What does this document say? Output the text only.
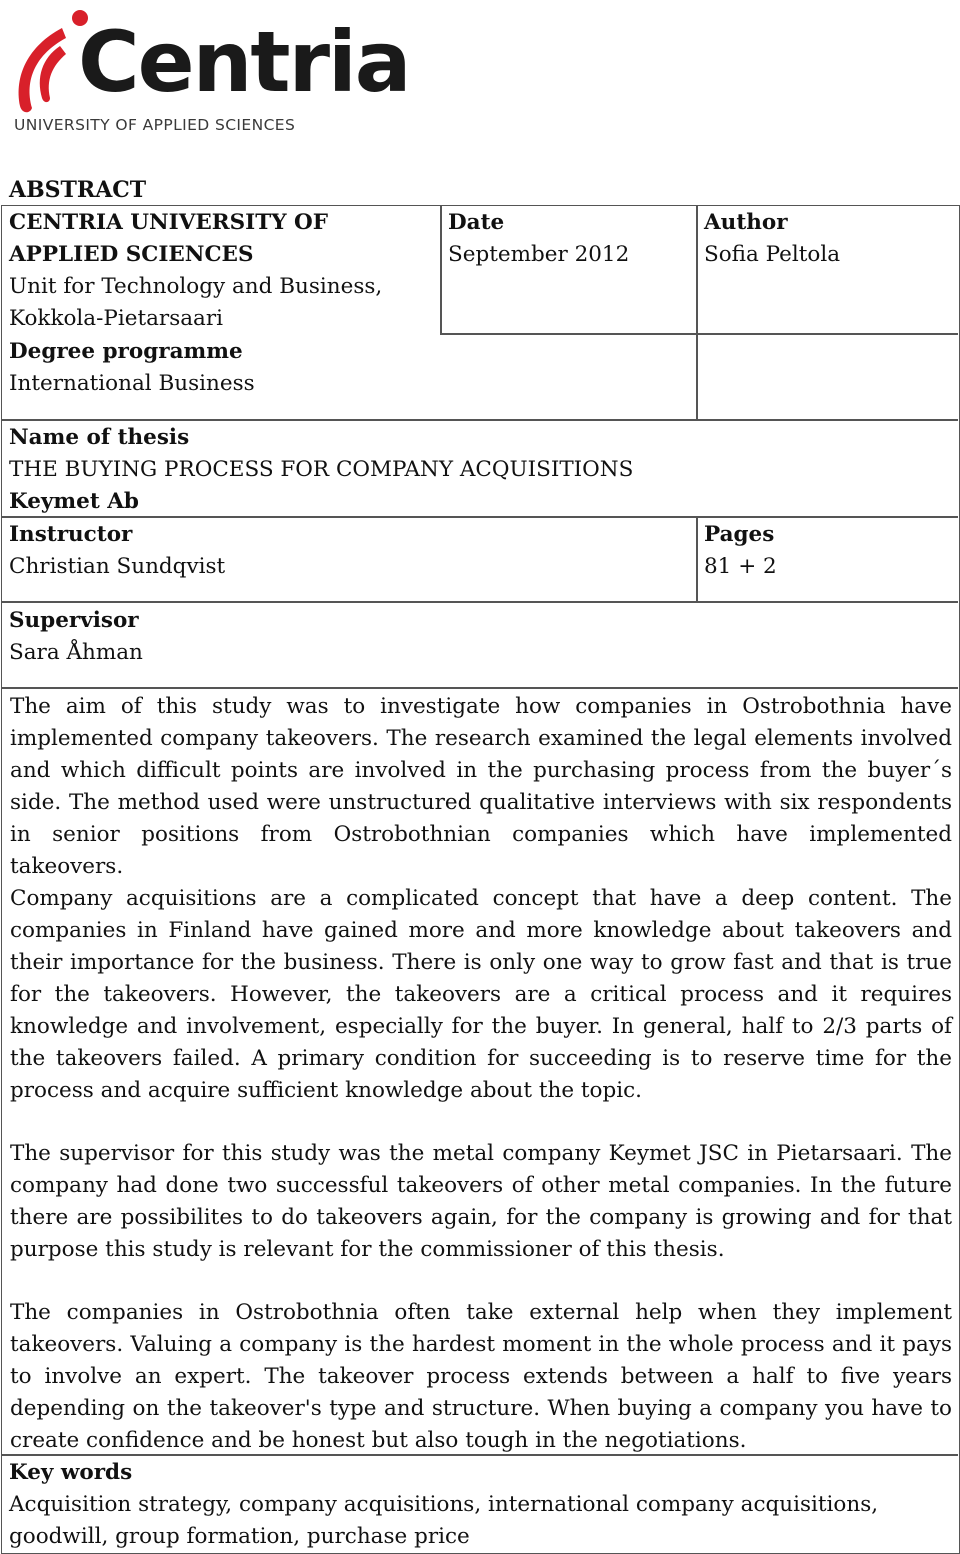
Centria
UNIVERSITY OF APPLIED SCIENCES
ABSTRACT
CENTRIA UNIVERSITY OF APPLIED SCIENCES
Unit for Technology and Business, Kokkola-Pietarsaari
Date
September 2012
Author
Sofia Peltola
Degree programme
International Business
Name of thesis
THE BUYING PROCESS FOR COMPANY ACQUISITIONS
Keymet Ab
Instructor
Christian Sundqvist
Pages
81 + 2
Supervisor
Sara Åhman
The aim of this study was to investigate how companies in Ostrobothnia have implemented company takeovers. The research examined the legal elements involved and which difficult points are involved in the purchasing process from the buyer´s side. The method used were unstructured qualitative interviews with six respondents in senior positions from Ostrobothnian companies which have implemented takeovers.
Company acquisitions are a complicated concept that have a deep content. The companies in Finland have gained more and more knowledge about takeovers and their importance for the business. There is only one way to grow fast and that is true for the takeovers. However, the takeovers are a critical process and it requires knowledge and involvement, especially for the buyer. In general, half to 2/3 parts of the takeovers failed. A primary condition for succeeding is to reserve time for the process and acquire sufficient knowledge about the topic.
The supervisor for this study was the metal company Keymet JSC in Pietarsaari. The company had done two successful takeovers of other metal companies. In the future there are possibilites to do takeovers again, for the company is growing and for that purpose this study is relevant for the commissioner of this thesis.
The companies in Ostrobothnia often take external help when they implement takeovers. Valuing a company is the hardest moment in the whole process and it pays to involve an expert. The takeover process extends between a half to five years depending on the takeover's type and structure. When buying a company you have to create confidence and be honest but also tough in the negotiations.
Key words
Acquisition strategy, company acquisitions, international company acquisitions, goodwill, group formation, purchase price
